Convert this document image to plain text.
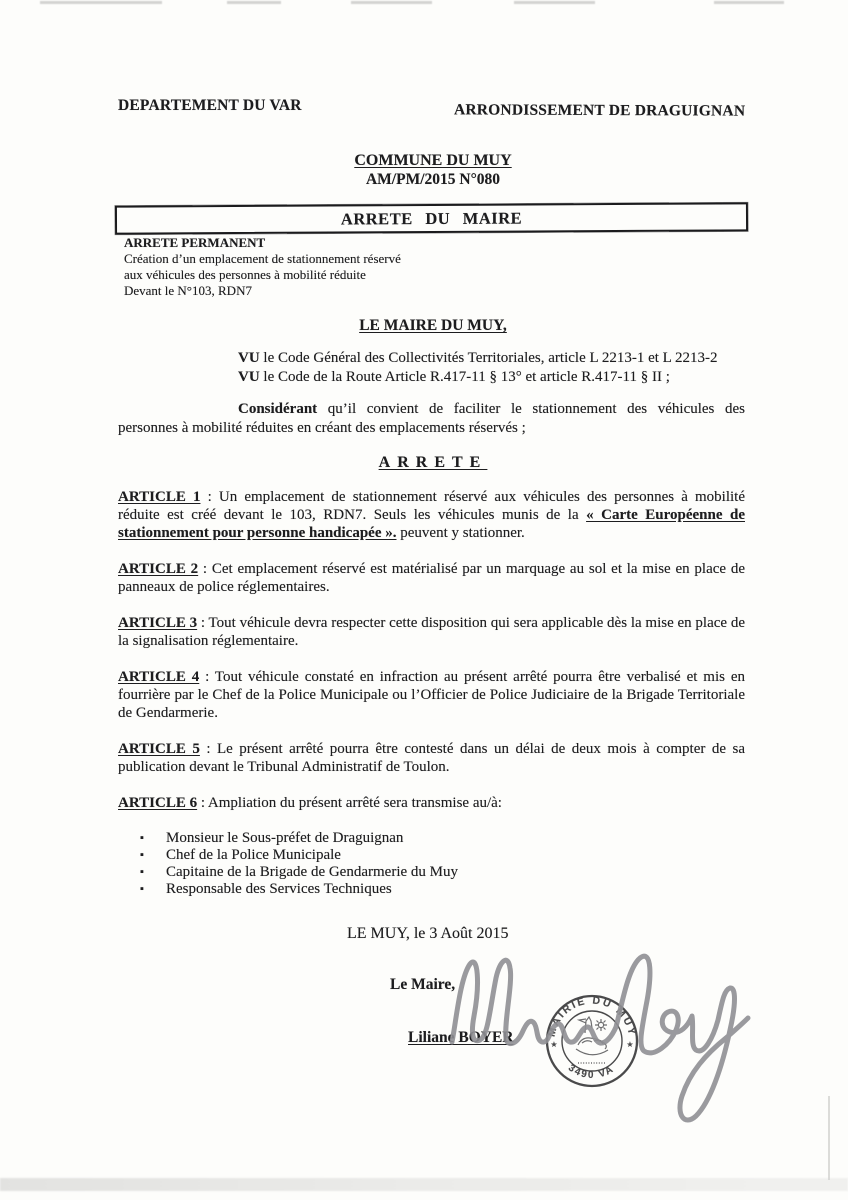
DEPARTEMENT DU VAR	ARRONDISSEMENT DE DRAGUIGNAN
COMMUNE DU MUY
AM/PM/2015 N°080
ARRETE DU MAIRE
ARRETE PERMANENT
Création d’un emplacement de stationnement réservé
aux véhicules des personnes à mobilité réduite
Devant le N°103, RDN7
LE MAIRE DU MUY,
VU le Code Général des Collectivités Territoriales, article L 2213-1 et L 2213-2
VU le Code de la Route Article R.417-11 § 13° et article R.417-11 § II ;

Considérant qu’il convient de faciliter le stationnement des véhicules des personnes à mobilité réduites en créant des emplacements réservés ;

ARRETE

ARTICLE 1 : Un emplacement de stationnement réservé aux véhicules des personnes à mobilité réduite est créé devant le 103, RDN7. Seuls les véhicules munis de la « Carte Européenne de stationnement pour personne handicapée ». peuvent y stationner.

ARTICLE 2 : Cet emplacement réservé est matérialisé par un marquage au sol et la mise en place de panneaux de police réglementaires.

ARTICLE 3 : Tout véhicule devra respecter cette disposition qui sera applicable dès la mise en place de la signalisation réglementaire.

ARTICLE 4 : Tout véhicule constaté en infraction au présent arrêté pourra être verbalisé et mis en fourrière par le Chef de la Police Municipale ou l’Officier de Police Judiciaire de la Brigade Territoriale de Gendarmerie.

ARTICLE 5 : Le présent arrêté pourra être contesté dans un délai de deux mois à compter de sa publication devant le Tribunal Administratif de Toulon.

ARTICLE 6 : Ampliation du présent arrêté sera transmise au/à:

▪ Monsieur le Sous-préfet de Draguignan
▪ Chef de la Police Municipale
▪ Capitaine de la Brigade de Gendarmerie du Muy
▪ Responsable des Services Techniques
LE MUY, le 3 Août 2015
Le Maire,
Liliane BOYER	MAIRIE DU MUY
83490 VAR
★	★
